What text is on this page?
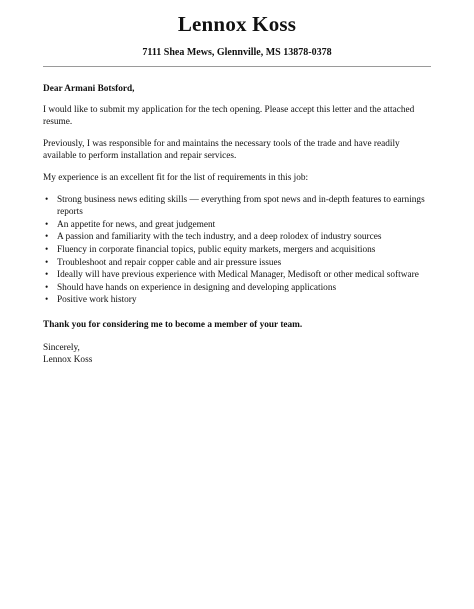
Lennox Koss
7111 Shea Mews, Glennville, MS 13878-0378

Dear Armani Botsford,

I would like to submit my application for the tech opening. Please accept this letter and the attached resume.

Previously, I was responsible for and maintains the necessary tools of the trade and have readily available to perform installation and repair services.

My experience is an excellent fit for the list of requirements in this job:

• Strong business news editing skills — everything from spot news and in-depth features to earnings reports
• An appetite for news, and great judgement
• A passion and familiarity with the tech industry, and a deep rolodex of industry sources
• Fluency in corporate financial topics, public equity markets, mergers and acquisitions
• Troubleshoot and repair copper cable and air pressure issues
• Ideally will have previous experience with Medical Manager, Medisoft or other medical software
• Should have hands on experience in designing and developing applications
• Positive work history

Thank you for considering me to become a member of your team.

Sincerely,

Lennox Koss
